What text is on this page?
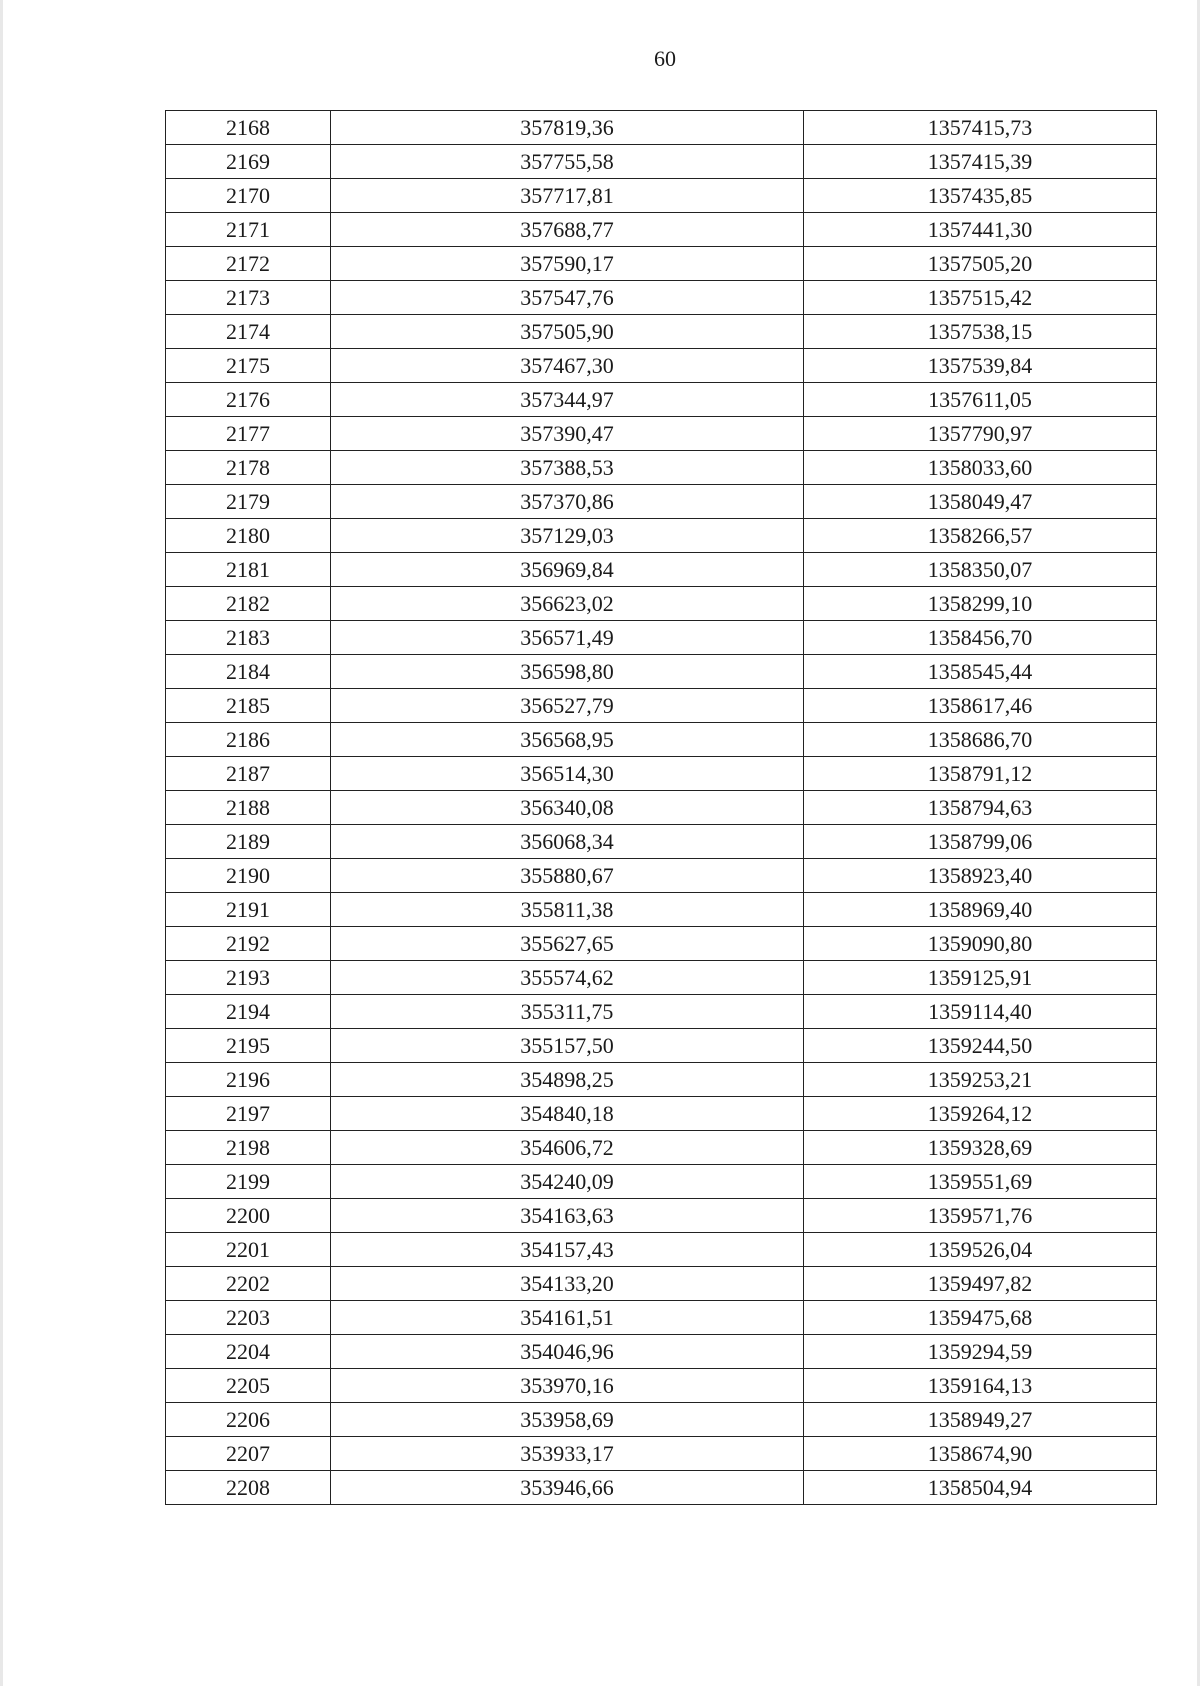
60
2168	357819,36	1357415,73
2169	357755,58	1357415,39
2170	357717,81	1357435,85
2171	357688,77	1357441,30
2172	357590,17	1357505,20
2173	357547,76	1357515,42
2174	357505,90	1357538,15
2175	357467,30	1357539,84
2176	357344,97	1357611,05
2177	357390,47	1357790,97
2178	357388,53	1358033,60
2179	357370,86	1358049,47
2180	357129,03	1358266,57
2181	356969,84	1358350,07
2182	356623,02	1358299,10
2183	356571,49	1358456,70
2184	356598,80	1358545,44
2185	356527,79	1358617,46
2186	356568,95	1358686,70
2187	356514,30	1358791,12
2188	356340,08	1358794,63
2189	356068,34	1358799,06
2190	355880,67	1358923,40
2191	355811,38	1358969,40
2192	355627,65	1359090,80
2193	355574,62	1359125,91
2194	355311,75	1359114,40
2195	355157,50	1359244,50
2196	354898,25	1359253,21
2197	354840,18	1359264,12
2198	354606,72	1359328,69
2199	354240,09	1359551,69
2200	354163,63	1359571,76
2201	354157,43	1359526,04
2202	354133,20	1359497,82
2203	354161,51	1359475,68
2204	354046,96	1359294,59
2205	353970,16	1359164,13
2206	353958,69	1358949,27
2207	353933,17	1358674,90
2208	353946,66	1358504,94
